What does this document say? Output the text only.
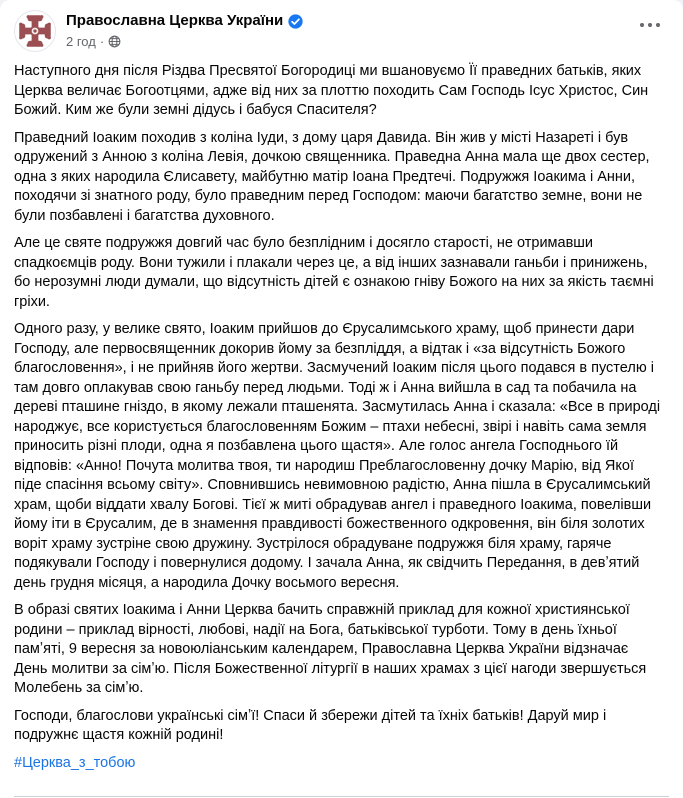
Православна Церква України
2 год ·

Наступного дня після Різдва Пресвятої Богородиці ми вшановуємо Її праведних батьків, яких Церква величає Богоотцями, адже від них за плоттю походить Сам Господь Ісус Христос, Син Божий. Ким же були земні дідусь і бабуся Спасителя?

Праведний Іоаким походив з коліна Іуди, з дому царя Давида. Він жив у місті Назареті і був одружений з Анною з коліна Левія, дочкою священника. Праведна Анна мала ще двох сестер, одна з яких народила Єлисавету, майбутню матір Іоана Предтечі. Подружжя Іоакима і Анни, походячи зі знатного роду, було праведним перед Господом: маючи багатство земне, вони не були позбавлені і багатства духовного.

Але це святе подружжя довгий час було безплідним і досягло старості, не отримавши спадкоємців роду. Вони тужили і плакали через це, а від інших зазнавали ганьби і принижень, бо нерозумні люди думали, що відсутність дітей є ознакою гніву Божого на них за якість таємні гріхи.

Одного разу, у велике свято, Іоаким прийшов до Єрусалимського храму, щоб принести дари Господу, але первосвященник докорив йому за безпліддя, а відтак і «за відсутність Божого благословення», і не прийняв його жертви. Засмучений Іоаким після цього подався в пустелю і там довго оплакував свою ганьбу перед людьми. Тоді ж і Анна вийшла в сад та побачила на дереві пташине гніздо, в якому лежали пташенята. Засмутилась Анна і сказала: «Все в природі народжує, все користується благословенням Божим – птахи небесні, звірі і навіть сама земля приносить різні плоди, одна я позбавлена цього щастя». Але голос ангела Господнього їй відповів: «Анно! Почута молитва твоя, ти народиш Преблагословенну дочку Марію, від Якої піде спасіння всьому світу». Сповнившись невимовною радістю, Анна пішла в Єрусалимський храм, щоби віддати хвалу Богові. Тієї ж миті обрадував ангел і праведного Іоакима, повелівши йому іти в Єрусалим, де в знамення правдивості божественного одкровення, він біля золотих воріт храму зустріне свою дружину. Зустрілося обрадуване подружжя біля храму, гаряче подякували Господу і повернулися додому. І зачала Анна, як свідчить Передання, в девʼятий день грудня місяця, а народила Дочку восьмого вересня.

В образі святих Іоакима і Анни Церква бачить справжній приклад для кожної християнської родини – приклад вірності, любові, надії на Бога, батьківської турботи. Тому в день їхньої памʼяті, 9 вересня за новоюліанським календарем, Православна Церква України відзначає День молитви за сімʼю. Після Божественної літургії в наших храмах з цієї нагоди звершується Молебень за сімʼю.

Господи, благослови українські сімʼї! Спаси й збережи дітей та їхніх батьків! Даруй мир і подружнє щастя кожній родині!

#Церква_з_тобою
